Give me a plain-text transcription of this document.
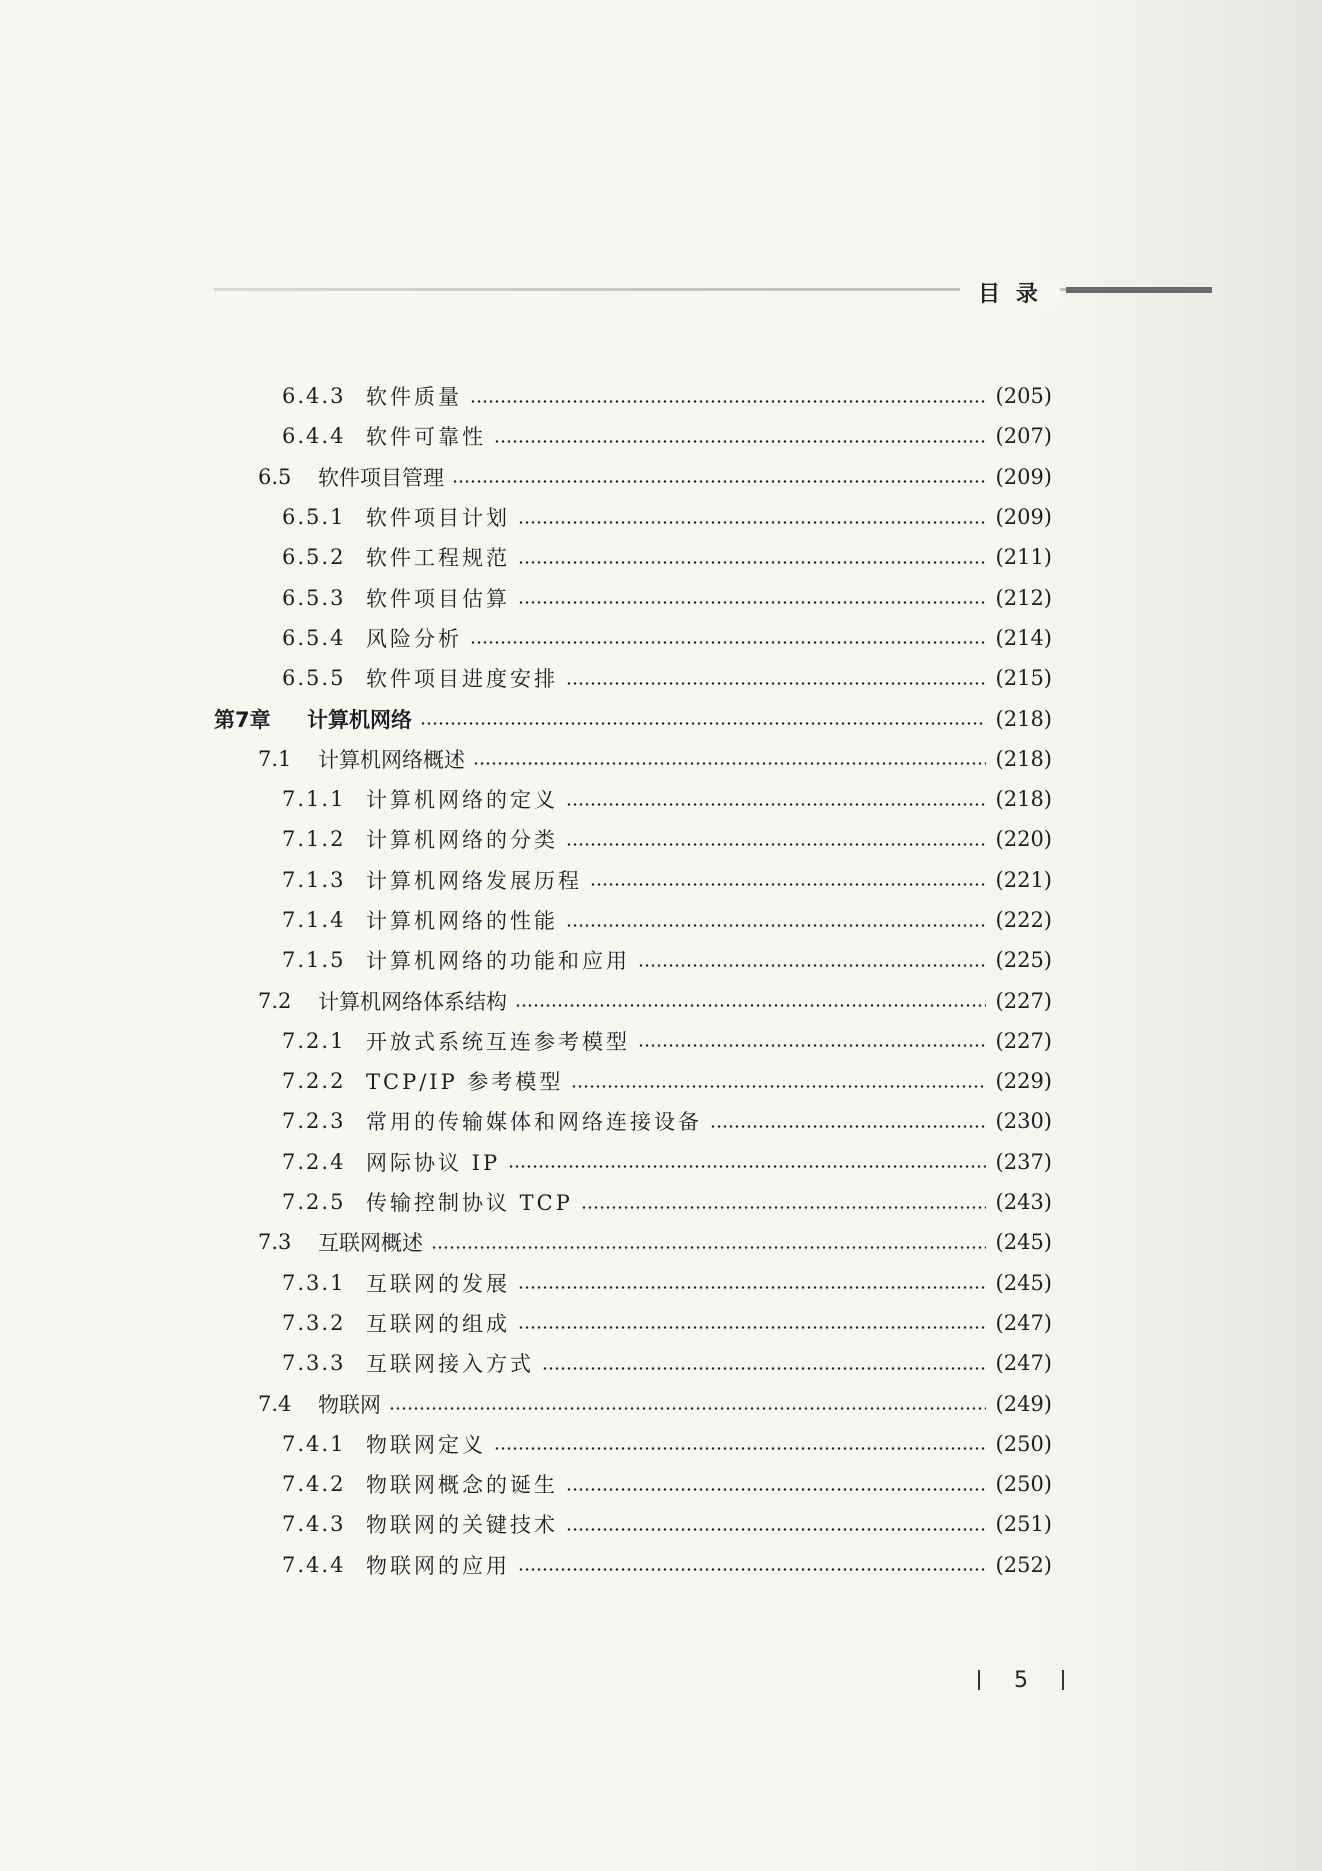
目 录
6.4.3 软件质量	(205)
6.4.4 软件可靠性	(207)
6.5	软件项目管理	(209)
6.5.1 软件项目计划	(209)
6.5.2 软件工程规范	(211)
6.5.3 软件项目估算	(212)
6.5.4 风险分析	(214)
6.5.5 软件项目进度安排	(215)
第7章	计算机网络	(218)
7.1	计算机网络概述	(218)
7.1.1 计算机网络的定义	(218)
7.1.2 计算机网络的分类	(220)
7.1.3 计算机网络发展历程	(221)
7.1.4 计算机网络的性能	(222)
7.1.5 计算机网络的功能和应用	(225)
7.2	计算机网络体系结构	(227)
7.2.1 开放式系统互连参考模型	(227)
7.2.2 TCP/IP 参考模型	(229)
7.2.3 常用的传输媒体和网络连接设备	(230)
7.2.4 网际协议 IP	(237)
7.2.5 传输控制协议 TCP	(243)
7.3	互联网概述	(245)
7.3.1 互联网的发展	(245)
7.3.2 互联网的组成	(247)
7.3.3 互联网接入方式	(247)
7.4	物联网	(249)
7.4.1 物联网定义	(250)
7.4.2 物联网概念的诞生	(250)
7.4.3 物联网的关键技术	(251)
7.4.4 物联网的应用	(252)
5
